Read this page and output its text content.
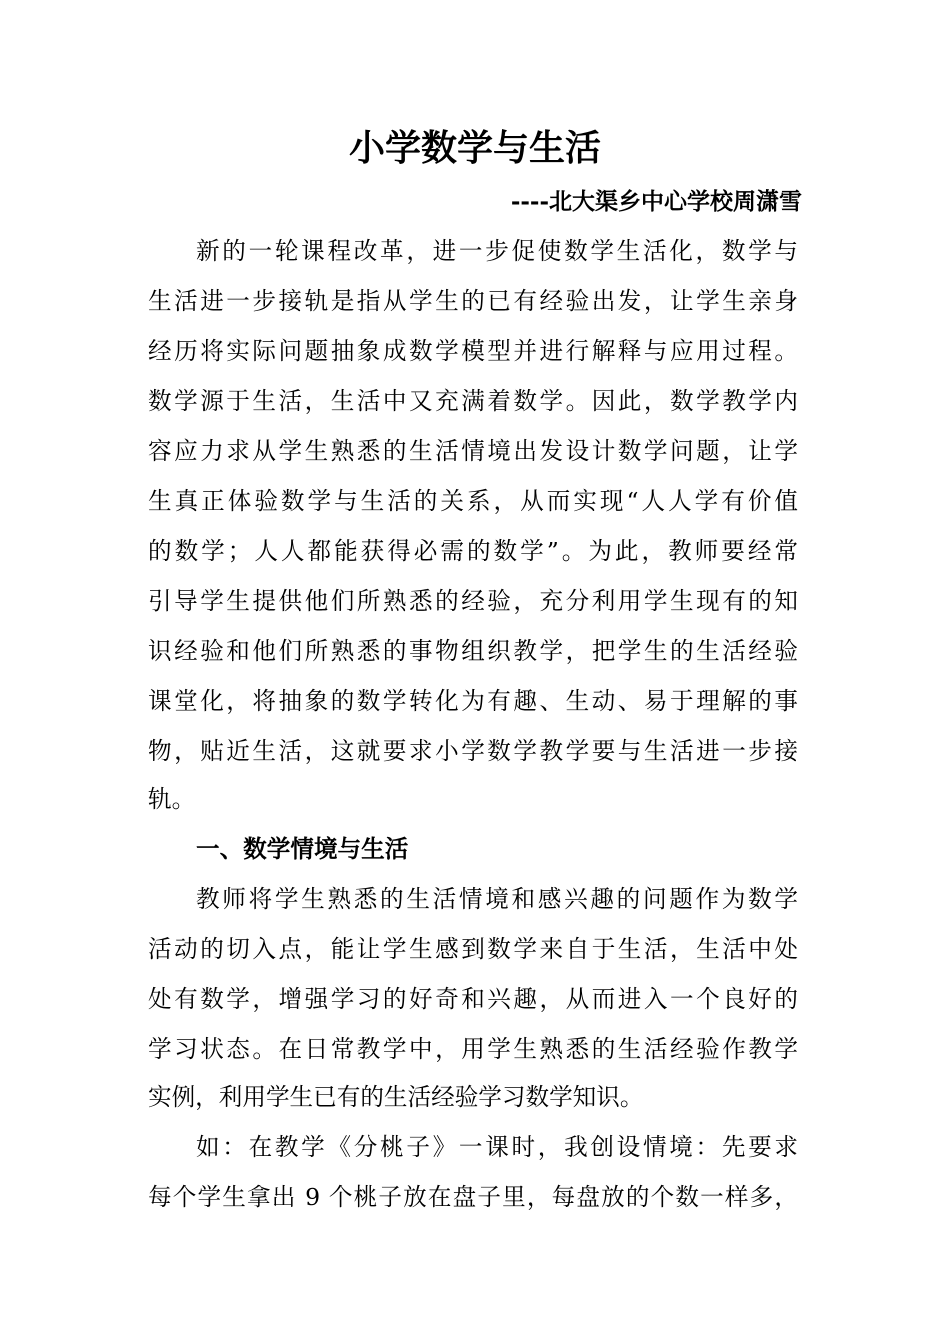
小学数学与生活
----北大渠乡中心学校周潇雪
新的一轮课程改革，进一步促使数学生活化，数学与
生活进一步接轨是指从学生的已有经验出发，让学生亲身
经历将实际问题抽象成数学模型并进行解释与应用过程。
数学源于生活，生活中又充满着数学。因此，数学教学内
容应力求从学生熟悉的生活情境出发设计数学问题，让学
生真正体验数学与生活的关系，从而实现“人人学有价值
的数学；人人都能获得必需的数学”。为此，教师要经常
引导学生提供他们所熟悉的经验，充分利用学生现有的知
识经验和他们所熟悉的事物组织教学，把学生的生活经验
课堂化，将抽象的数学转化为有趣、生动、易于理解的事
物，贴近生活，这就要求小学数学教学要与生活进一步接
轨。
一、数学情境与生活
教师将学生熟悉的生活情境和感兴趣的问题作为数学
活动的切入点，能让学生感到数学来自于生活，生活中处
处有数学，增强学习的好奇和兴趣，从而进入一个良好的
学习状态。在日常教学中，用学生熟悉的生活经验作教学
实例，利用学生已有的生活经验学习数学知识。
如：在教学《分桃子》一课时，我创设情境：先要求
每个学生拿出 9 个桃子放在盘子里，每盘放的个数一样多，
